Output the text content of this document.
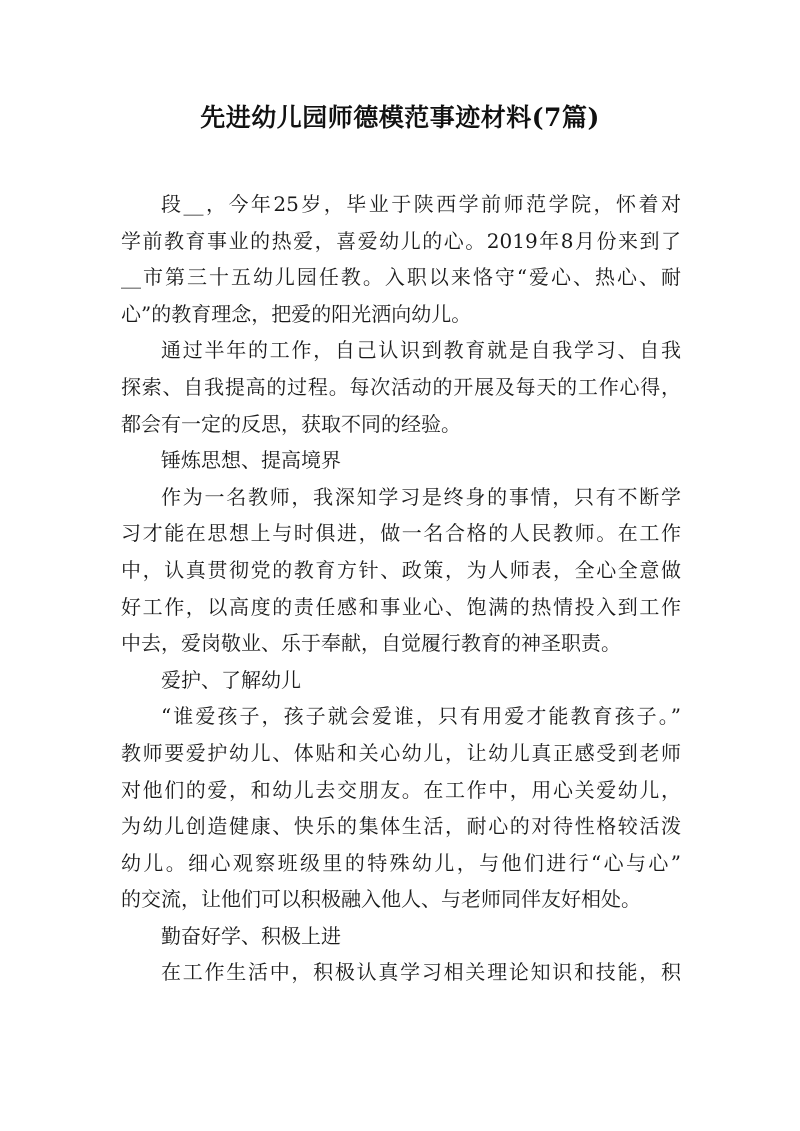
先进幼儿园师德模范事迹材料(7篇)
段__，今年25岁，毕业于陕西学前师范学院，怀着对
学前教育事业的热爱，喜爱幼儿的心。2019年8月份来到了
__市第三十五幼儿园任教。入职以来恪守“爱心、热心、耐
心”的教育理念，把爱的阳光洒向幼儿。
通过半年的工作，自己认识到教育就是自我学习、自我
探索、自我提高的过程。每次活动的开展及每天的工作心得，
都会有一定的反思，获取不同的经验。
锤炼思想、提高境界
作为一名教师，我深知学习是终身的事情，只有不断学
习才能在思想上与时俱进，做一名合格的人民教师。在工作
中，认真贯彻党的教育方针、政策，为人师表，全心全意做
好工作，以高度的责任感和事业心、饱满的热情投入到工作
中去，爱岗敬业、乐于奉献，自觉履行教育的神圣职责。
爱护、了解幼儿
“谁爱孩子，孩子就会爱谁，只有用爱才能教育孩子。”
教师要爱护幼儿、体贴和关心幼儿，让幼儿真正感受到老师
对他们的爱，和幼儿去交朋友。在工作中，用心关爱幼儿，
为幼儿创造健康、快乐的集体生活，耐心的对待性格较活泼
幼儿。细心观察班级里的特殊幼儿，与他们进行“心与心”
的交流，让他们可以积极融入他人、与老师同伴友好相处。
勤奋好学、积极上进
在工作生活中，积极认真学习相关理论知识和技能，积
